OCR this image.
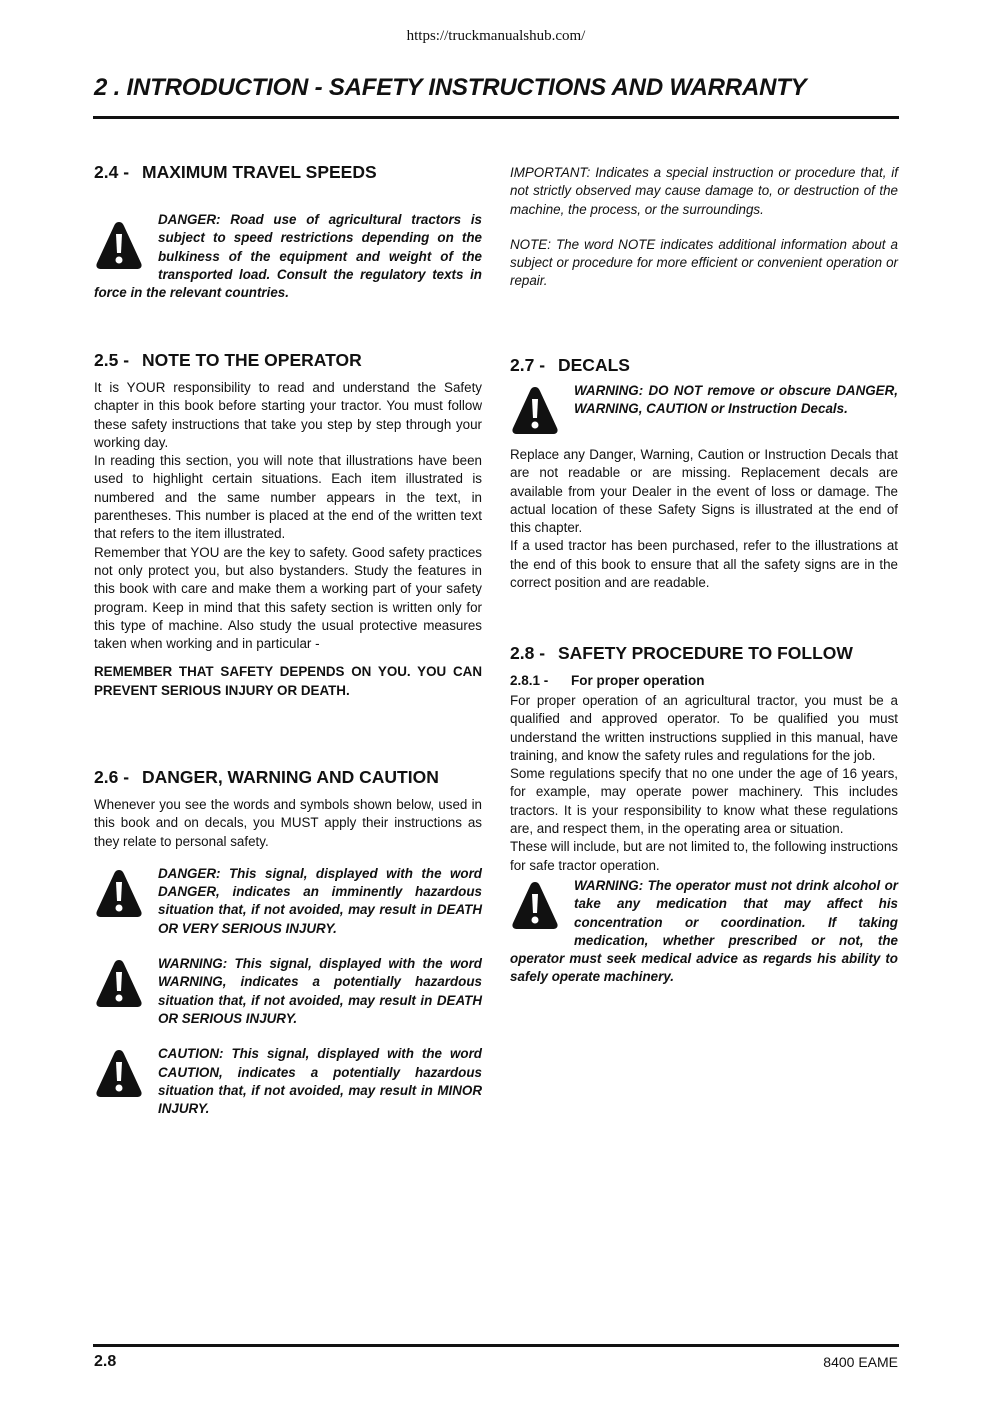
https://truckmanualshub.com/
2 . INTRODUCTION - SAFETY INSTRUCTIONS AND WARRANTY
2.4 - MAXIMUM TRAVEL SPEEDS
DANGER: Road use of agricultural tractors is subject to speed restrictions depending on the bulkiness of the equipment and weight of the transported load. Consult the regulatory texts in force in the relevant countries.
2.5 - NOTE TO THE OPERATOR

It is YOUR responsibility to read and understand the Safety chapter in this book before starting your tractor. You must follow these safety instructions that take you step by step through your working day.

In reading this section, you will note that illustrations have been used to highlight certain situations. Each item illustrated is numbered and the same number appears in the text, in parentheses. This number is placed at the end of the written text that refers to the item illustrated.

Remember that YOU are the key to safety. Good safety practices not only protect you, but also bystanders. Study the features in this book with care and make them a working part of your safety program. Keep in mind that this safety section is written only for this type of machine. Also study the usual protective measures taken when working and in particular -

REMEMBER THAT SAFETY DEPENDS ON YOU. YOU CAN PREVENT SERIOUS INJURY OR DEATH.

2.6 - DANGER, WARNING AND CAUTION

Whenever you see the words and symbols shown below, used in this book and on decals, you MUST apply their instructions as they relate to personal safety.

DANGER: This signal, displayed with the word DANGER, indicates an imminently hazardous situation that, if not avoided, may result in DEATH OR VERY SERIOUS INJURY.
WARNING: This signal, displayed with the word WARNING, indicates a potentially hazardous situation that, if not avoided, may result in DEATH OR SERIOUS INJURY.
CAUTION: This signal, displayed with the word CAUTION, indicates a potentially hazardous situation that, if not avoided, may result in MINOR INJURY.

IMPORTANT: Indicates a special instruction or procedure that, if not strictly observed may cause damage to, or destruction of the machine, the process, or the surroundings.

NOTE: The word NOTE indicates additional information about a subject or procedure for more efficient or convenient operation or repair.

2.7 - DECALS
WARNING: DO NOT remove or obscure DANGER, WARNING, CAUTION or Instruction Decals.

Replace any Danger, Warning, Caution or Instruction Decals that are not readable or are missing. Replacement decals are available from your Dealer in the event of loss or damage. The actual location of these Safety Signs is illustrated at the end of this chapter.

If a used tractor has been purchased, refer to the illustrations at the end of this book to ensure that all the safety signs are in the correct position and are readable.

2.8 - SAFETY PROCEDURE TO FOLLOW
2.8.1 - For proper operation

For proper operation of an agricultural tractor, you must be a qualified and approved operator. To be qualified you must understand the written instructions supplied in this manual, have training, and know the safety rules and regulations for the job.

Some regulations specify that no one under the age of 16 years, for example, may operate power machinery. This includes tractors. It is your responsibility to know what these regulations are, and respect them, in the operating area or situation.

These will include, but are not limited to, the following instructions for safe tractor operation.

WARNING: The operator must not drink alcohol or take any medication that may affect his concentration or coordination. If taking medication, whether prescribed or not, the operator must seek medical advice as regards his ability to safely operate machinery.
2.8	8400 EAME
